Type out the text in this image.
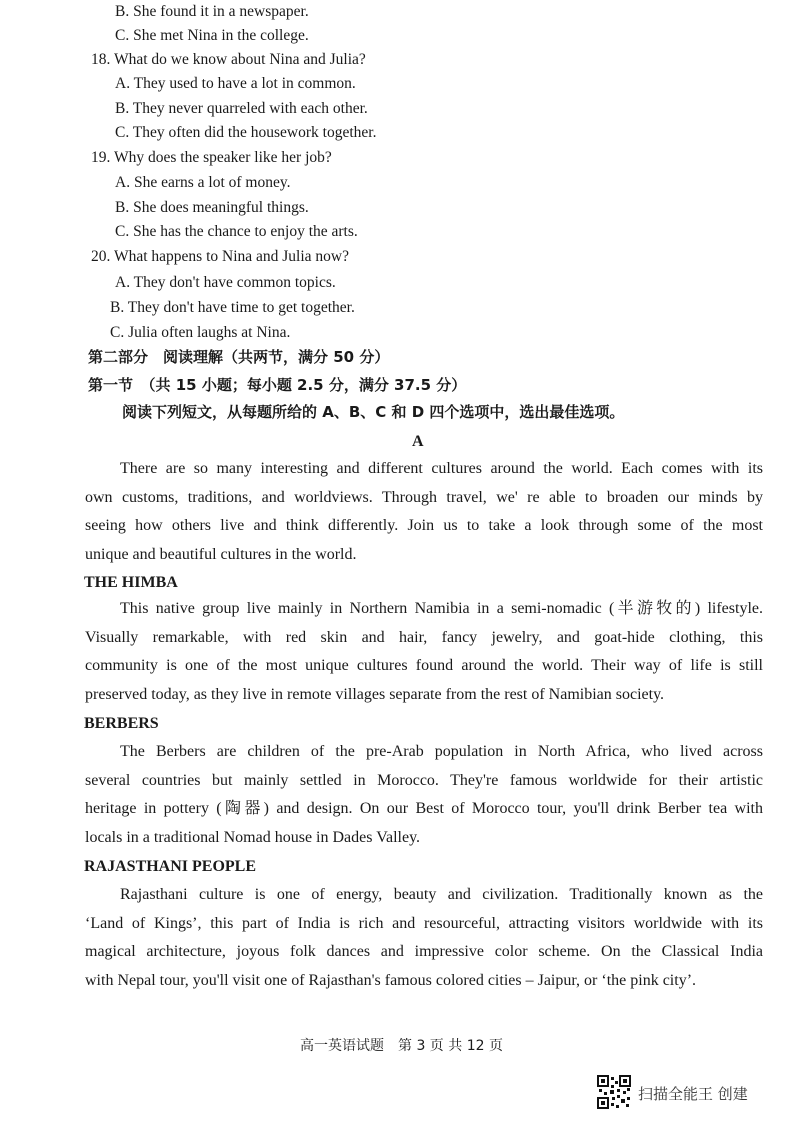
B. She found it in a newspaper.
C. She met Nina in the college.
18. What do we know about Nina and Julia?
A. They used to have a lot in common.
B. They never quarreled with each other.
C. They often did the housework together.
19. Why does the speaker like her job?
A. She earns a lot of money.
B. She does meaningful things.
C. She has the chance to enjoy the arts.
20. What happens to Nina and Julia now?
A. They don't have common topics.
B. They don't have time to get together.
C. Julia often laughs at Nina.
第二部分　阅读理解（共两节，满分 50 分）
第一节　（共 15 小题；每小题 2.5 分，满分 37.5 分）
阅读下列短文，从每题所给的 A、B、C 和 D 四个选项中，选出最佳选项。
A
There are so many interesting and different cultures around the world. Each comes with its
own customs, traditions, and worldviews. Through travel, we' re able to broaden our minds by
seeing how others live and think differently. Join us to take a look through some of the most
unique and beautiful cultures in the world.
THE HIMBA
This native group live mainly in Northern Namibia in a semi-nomadic (半游牧的) lifestyle.
Visually remarkable, with red skin and hair, fancy jewelry, and goat-hide clothing, this
community is one of the most unique cultures found around the world. Their way of life is still
preserved today, as they live in remote villages separate from the rest of Namibian society.
BERBERS
The Berbers are children of the pre-Arab population in North Africa, who lived across
several countries but mainly settled in Morocco. They're famous worldwide for their artistic
heritage in pottery (陶器) and design. On our Best of Morocco tour, you'll drink Berber tea with
locals in a traditional Nomad house in Dades Valley.
RAJASTHANI PEOPLE
Rajasthani culture is one of energy, beauty and civilization. Traditionally known as the
‘Land of Kings’, this part of India is rich and resourceful, attracting visitors worldwide with its
magical architecture, joyous folk dances and impressive color scheme. On the Classical India
with Nepal tour, you'll visit one of Rajasthan's famous colored cities – Jaipur, or ‘the pink city’.
高一英语试题　第 3 页 共 12 页
扫描全能王 创建
